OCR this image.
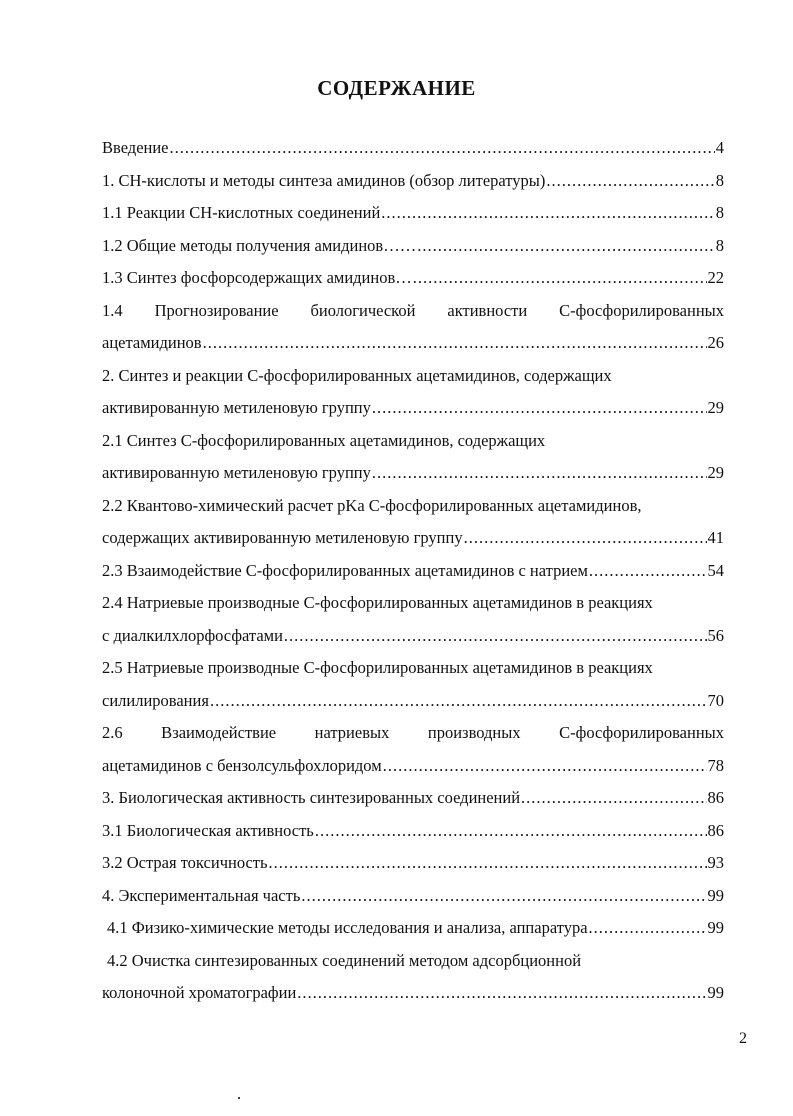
СОДЕРЖАНИЕ
Введение .....	4
1. CH-кислоты и методы синтеза амидинов (обзор литературы) .....	8
1.1 Реакции CH-кислотных соединений .....	8
1.2 Общие методы получения амидинов…… .....	8
1.3 Синтез фосфорсодержащих амидинов… .....	22
1.4 Прогнозирование биологической активности С-фосфорилированных
ацетамидинов .....	26
2. Синтез и реакции С-фосфорилированных ацетамидинов, содержащих
активированную метиленовую группу .....	29
2.1 Синтез С-фосфорилированных ацетамидинов, содержащих
активированную метиленовую группу .....	29
2.2 Квантово-химический расчет pKa С-фосфорилированных ацетамидинов,
содержащих активированную метиленовую группу .....	41
2.3 Взаимодействие С-фосфорилированных ацетамидинов с натрием .....	54
2.4 Натриевые производные С-фосфорилированных ацетамидинов в реакциях
с диалкилхлорфосфатами .....	56
2.5 Натриевые производные С-фосфорилированных ацетамидинов в реакциях
силилирования .....	70
2.6 Взаимодействие натриевых производных С-фосфорилированных
ацетамидинов с бензолсульфохлоридом .....	78
3. Биологическая активность синтезированных соединений .....	86
3.1 Биологическая активность .....	86
3.2 Острая токсичность .....	93
4. Экспериментальная часть .....	99
4.1 Физико-химические методы исследования и анализа, аппаратура .....	99
4.2 Очистка синтезированных соединений методом адсорбционной
колоночной хроматографии .....	99
2
